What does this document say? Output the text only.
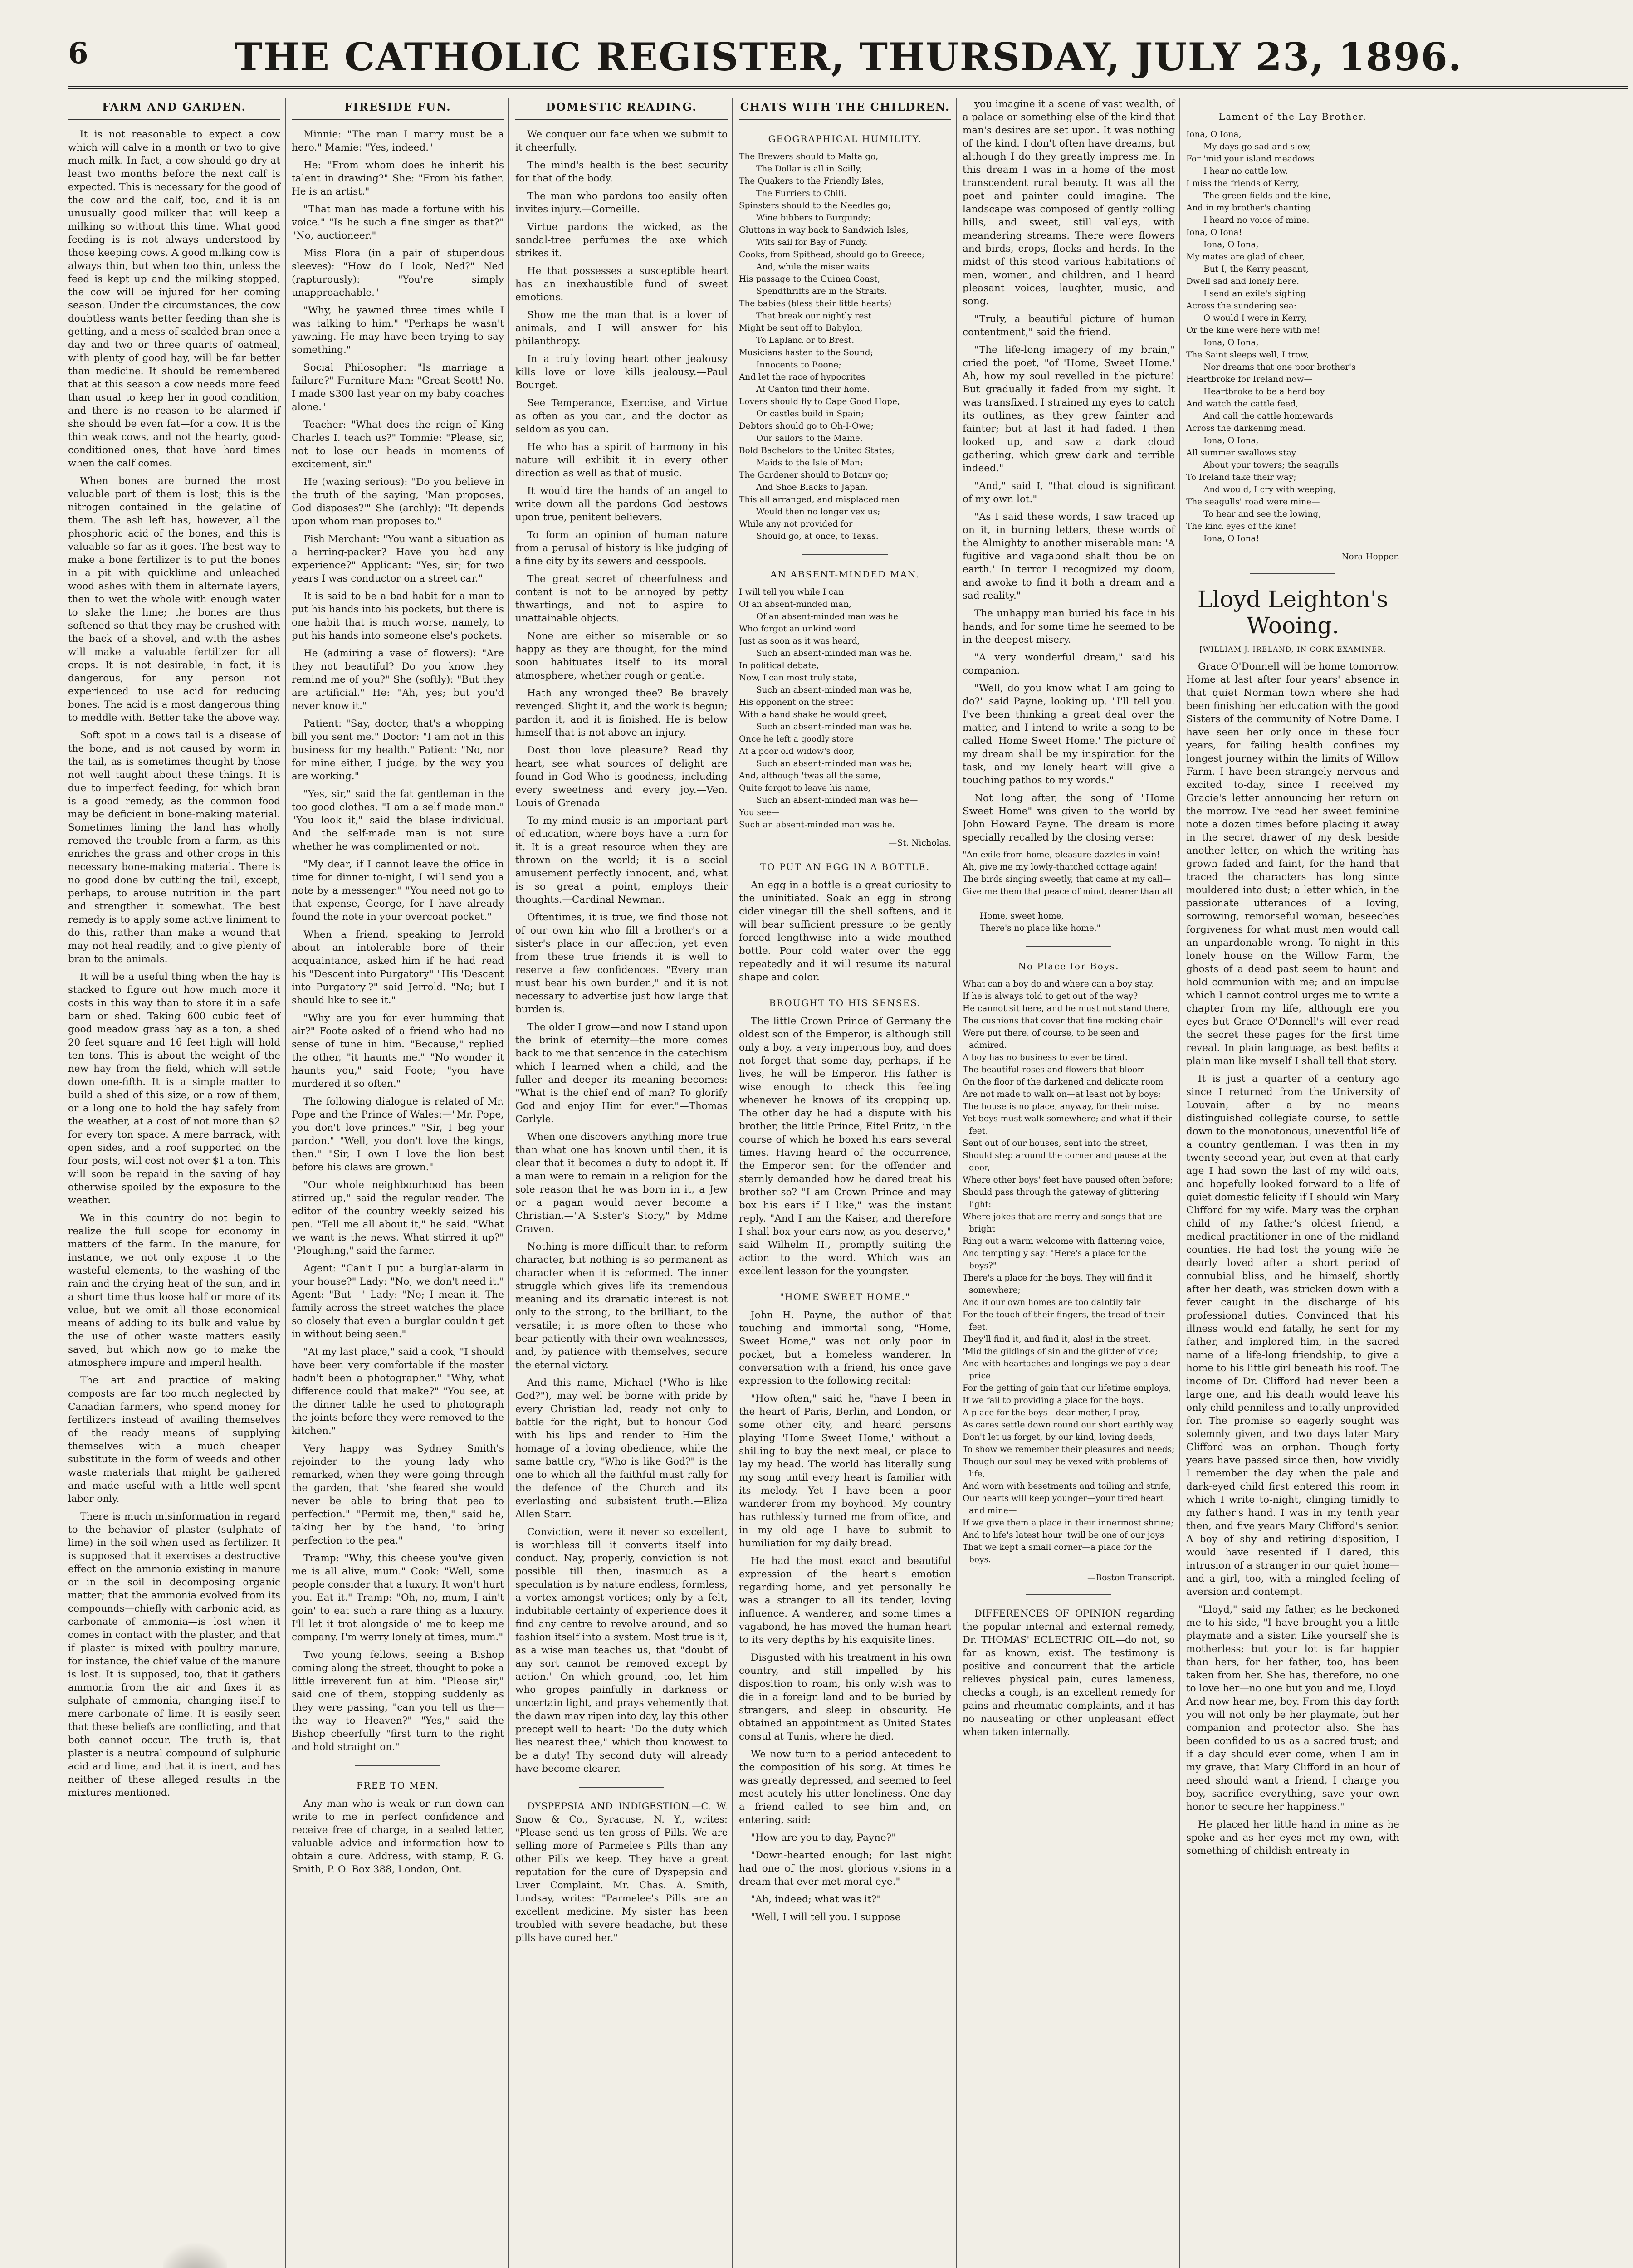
6	THE CATHOLIC REGISTER, THURSDAY, JULY 23, 1896.
FARM AND GARDEN.

It is not reasonable to expect a cow which will calve in a month or two to give much milk. In fact, a cow should go dry at least two months before the next calf is expected. This is necessary for the good of the cow and the calf, too, and it is an unusually good milker that will keep a milking so without this time. What good feeding is is not always understood by those keeping cows. A good milking cow is always thin, but when too thin, unless the feed is kept up and the milking stopped, the cow will be injured for her coming season. Under the circumstances, the cow doubtless wants better feeding than she is getting, and a mess of scalded bran once a day and two or three quarts of oatmeal, with plenty of good hay, will be far better than medicine. It should be remembered that at this season a cow needs more feed than usual to keep her in good condition, and there is no reason to be alarmed if she should be even fat—for a cow. It is the thin weak cows, and not the hearty, good-conditioned ones, that have hard times when the calf comes.

When bones are burned the most valuable part of them is lost; this is the nitrogen contained in the gelatine of them. The ash left has, however, all the phosphoric acid of the bones, and this is valuable so far as it goes. The best way to make a bone fertilizer is to put the bones in a pit with quicklime and unleached wood ashes with them in alternate layers, then to wet the whole with enough water to slake the lime; the bones are thus softened so that they may be crushed with the back of a shovel, and with the ashes will make a valuable fertilizer for all crops. It is not desirable, in fact, it is dangerous, for any person not experienced to use acid for reducing bones. The acid is a most dangerous thing to meddle with. Better take the above way.

Soft spot in a cows tail is a disease of the bone, and is not caused by worm in the tail, as is sometimes thought by those not well taught about these things. It is due to imperfect feeding, for which bran is a good remedy, as the common food may be deficient in bone-making material. Sometimes liming the land has wholly removed the trouble from a farm, as this enriches the grass and other crops in this necessary bone-making material. There is no good done by cutting the tail, except, perhaps, to arouse nutrition in the part and strengthen it somewhat. The best remedy is to apply some active liniment to do this, rather than make a wound that may not heal readily, and to give plenty of bran to the animals.

It will be a useful thing when the hay is stacked to figure out how much more it costs in this way than to store it in a safe barn or shed. Taking 600 cubic feet of good meadow grass hay as a ton, a shed 20 feet square and 16 feet high will hold ten tons. This is about the weight of the new hay from the field, which will settle down one-fifth. It is a simple matter to build a shed of this size, or a row of them, or a long one to hold the hay safely from the weather, at a cost of not more than $2 for every ton space. A mere barrack, with open sides, and a roof supported on the four posts, will cost not over $1 a ton. This will soon be repaid in the saving of hay otherwise spoiled by the exposure to the weather.

We in this country do not begin to realize the full scope for economy in matters of the farm. In the manure, for instance, we not only expose it to the wasteful elements, to the washing of the rain and the drying heat of the sun, and in a short time thus loose half or more of its value, but we omit all those economical means of adding to its bulk and value by the use of other waste matters easily saved, but which now go to make the atmosphere impure and imperil health.

The art and practice of making composts are far too much neglected by Canadian farmers, who spend money for fertilizers instead of availing themselves of the ready means of supplying themselves with a much cheaper substitute in the form of weeds and other waste materials that might be gathered and made useful with a little well-spent labor only.

There is much misinformation in regard to the behavior of plaster (sulphate of lime) in the soil when used as fertilizer. It is supposed that it exercises a destructive effect on the ammonia existing in manure or in the soil in decomposing organic matter; that the ammonia evolved from its compounds—chiefly with carbonic acid, as carbonate of ammonia—is lost when it comes in contact with the plaster, and that if plaster is mixed with poultry manure, for instance, the chief value of the manure is lost. It is supposed, too, that it gathers ammonia from the air and fixes it as sulphate of ammonia, changing itself to mere carbonate of lime. It is easily seen that these beliefs are conflicting, and that both cannot occur. The truth is, that plaster is a neutral compound of sulphuric acid and lime, and that it is inert, and has neither of these alleged results in the mixtures mentioned.

FIRESIDE FUN.

Minnie: "The man I marry must be a hero." Mamie: "Yes, indeed."

He: "From whom does he inherit his talent in drawing?" She: "From his father. He is an artist."

"That man has made a fortune with his voice." "Is he such a fine singer as that?" "No, auctioneer."

Miss Flora (in a pair of stupendous sleeves): "How do I look, Ned?" Ned (rapturously): "You're simply unapproachable."

"Why, he yawned three times while I was talking to him." "Perhaps he wasn't yawning. He may have been trying to say something."

Social Philosopher: "Is marriage a failure?" Furniture Man: "Great Scott! No. I made $300 last year on my baby coaches alone."

Teacher: "What does the reign of King Charles I. teach us?" Tommie: "Please, sir, not to lose our heads in moments of excitement, sir."

He (waxing serious): "Do you believe in the truth of the saying, 'Man proposes, God disposes?'" She (archly): "It depends upon whom man proposes to."

Fish Merchant: "You want a situation as a herring-packer? Have you had any experience?" Applicant: "Yes, sir; for two years I was conductor on a street car."

It is said to be a bad habit for a man to put his hands into his pockets, but there is one habit that is much worse, namely, to put his hands into someone else's pockets.

He (admiring a vase of flowers): "Are they not beautiful? Do you know they remind me of you?" She (softly): "But they are artificial." He: "Ah, yes; but you'd never know it."

Patient: "Say, doctor, that's a whopping bill you sent me." Doctor: "I am not in this business for my health." Patient: "No, nor for mine either, I judge, by the way you are working."

"Yes, sir," said the fat gentleman in the too good clothes, "I am a self made man." "You look it," said the blase individual. And the self-made man is not sure whether he was complimented or not.

"My dear, if I cannot leave the office in time for dinner to-night, I will send you a note by a messenger." "You need not go to that expense, George, for I have already found the note in your overcoat pocket."

When a friend, speaking to Jerrold about an intolerable bore of their acquaintance, asked him if he had read his "Descent into Purgatory" "His 'Descent into Purgatory'?" said Jerrold. "No; but I should like to see it."

"Why are you for ever humming that air?" Foote asked of a friend who had no sense of tune in him. "Because," replied the other, "it haunts me." "No wonder it haunts you," said Foote; "you have murdered it so often."

The following dialogue is related of Mr. Pope and the Prince of Wales:—"Mr. Pope, you don't love princes." "Sir, I beg your pardon." "Well, you don't love the kings, then." "Sir, I own I love the lion best before his claws are grown."

"Our whole neighbourhood has been stirred up," said the regular reader. The editor of the country weekly seized his pen. "Tell me all about it," he said. "What we want is the news. What stirred it up?" "Ploughing," said the farmer.

Agent: "Can't I put a burglar-alarm in your house?" Lady: "No; we don't need it." Agent: "But—" Lady: "No; I mean it. The family across the street watches the place so closely that even a burglar couldn't get in without being seen."

"At my last place," said a cook, "I should have been very comfortable if the master hadn't been a photographer." "Why, what difference could that make?" "You see, at the dinner table he used to photograph the joints before they were removed to the kitchen."

Very happy was Sydney Smith's rejoinder to the young lady who remarked, when they were going through the garden, that "she feared she would never be able to bring that pea to perfection." "Permit me, then," said he, taking her by the hand, "to bring perfection to the pea."

Tramp: "Why, this cheese you've given me is all alive, mum." Cook: "Well, some people consider that a luxury. It won't hurt you. Eat it." Tramp: "Oh, no, mum, I ain't goin' to eat such a rare thing as a luxury. I'll let it trot alongside o' me to keep me company. I'm werry lonely at times, mum."

Two young fellows, seeing a Bishop coming along the street, thought to poke a little irreverent fun at him. "Please sir," said one of them, stopping suddenly as they were passing, "can you tell us the—the way to Heaven?" "Yes," said the Bishop cheerfully "first turn to the right and hold straight on."

FREE TO MEN.

Any man who is weak or run down can write to me in perfect confidence and receive free of charge, in a sealed letter, valuable advice and information how to obtain a cure. Address, with stamp, F. G. Smith, P. O. Box 388, London, Ont.

DOMESTIC READING.

We conquer our fate when we submit to it cheerfully.

The mind's health is the best security for that of the body.

The man who pardons too easily often invites injury.—Corneille.

Virtue pardons the wicked, as the sandal-tree perfumes the axe which strikes it.

He that possesses a susceptible heart has an inexhaustible fund of sweet emotions.

Show me the man that is a lover of animals, and I will answer for his philanthropy.

In a truly loving heart other jealousy kills love or love kills jealousy.—Paul Bourget.

See Temperance, Exercise, and Virtue as often as you can, and the doctor as seldom as you can.

He who has a spirit of harmony in his nature will exhibit it in every other direction as well as that of music.

It would tire the hands of an angel to write down all the pardons God bestows upon true, penitent believers.

To form an opinion of human nature from a perusal of history is like judging of a fine city by its sewers and cesspools.

The great secret of cheerfulness and content is not to be annoyed by petty thwartings, and not to aspire to unattainable objects.

None are either so miserable or so happy as they are thought, for the mind soon habituates itself to its moral atmosphere, whether rough or gentle.

Hath any wronged thee? Be bravely revenged. Slight it, and the work is begun; pardon it, and it is finished. He is below himself that is not above an injury.

Dost thou love pleasure? Read thy heart, see what sources of delight are found in God Who is goodness, including every sweetness and every joy.—Ven. Louis of Grenada

To my mind music is an important part of education, where boys have a turn for it. It is a great resource when they are thrown on the world; it is a social amusement perfectly innocent, and, what is so great a point, employs their thoughts.—Cardinal Newman.

Oftentimes, it is true, we find those not of our own kin who fill a brother's or a sister's place in our affection, yet even from these true friends it is well to reserve a few confidences. "Every man must bear his own burden," and it is not necessary to advertise just how large that burden is.

The older I grow—and now I stand upon the brink of eternity—the more comes back to me that sentence in the catechism which I learned when a child, and the fuller and deeper its meaning becomes: "What is the chief end of man? To glorify God and enjoy Him for ever."—Thomas Carlyle.

When one discovers anything more true than what one has known until then, it is clear that it becomes a duty to adopt it. If a man were to remain in a religion for the sole reason that he was born in it, a Jew or a pagan would never become a Christian.—"A Sister's Story," by Mdme Craven.

Nothing is more difficult than to reform character, but nothing is so permanent as character when it is reformed. The inner struggle which gives life its tremendous meaning and its dramatic interest is not only to the strong, to the brilliant, to the versatile; it is more often to those who bear patiently with their own weaknesses, and, by patience with themselves, secure the eternal victory.

And this name, Michael ("Who is like God?"), may well be borne with pride by every Christian lad, ready not only to battle for the right, but to honour God with his lips and render to Him the homage of a loving obedience, while the same battle cry, "Who is like God?" is the one to which all the faithful must rally for the defence of the Church and its everlasting and subsistent truth.—Eliza Allen Starr.

Conviction, were it never so excellent, is worthless till it converts itself into conduct. Nay, properly, conviction is not possible till then, inasmuch as a speculation is by nature endless, formless, a vortex amongst vortices; only by a felt, indubitable certainty of experience does it find any centre to revolve around, and so fashion itself into a system. Most true is it, as a wise man teaches us, that "doubt of any sort cannot be removed except by action." On which ground, too, let him who gropes painfully in darkness or uncertain light, and prays vehemently that the dawn may ripen into day, lay this other precept well to heart: "Do the duty which lies nearest thee," which thou knowest to be a duty! Thy second duty will already have become clearer.

DYSPEPSIA AND INDIGESTION.—C. W. Snow & Co., Syracuse, N. Y., writes: "Please send us ten gross of Pills. We are selling more of Parmelee's Pills than any other Pills we keep. They have a great reputation for the cure of Dyspepsia and Liver Complaint. Mr. Chas. A. Smith, Lindsay, writes: "Parmelee's Pills are an excellent medicine. My sister has been troubled with severe headache, but these pills have cured her."

CHATS WITH THE CHILDREN.
GEOGRAPHICAL HUMILITY.
The Brewers should to Malta go,
The Dollar is all in Scilly,
The Quakers to the Friendly Isles,
The Furriers to Chili.
Spinsters should to the Needles go;
Wine bibbers to Burgundy;
Gluttons in way back to Sandwich Isles,
Wits sail for Bay of Fundy.
Cooks, from Spithead, should go to Greece;
And, while the miser waits
His passage to the Guinea Coast,
Spendthrifts are in the Straits.
The babies (bless their little hearts)
That break our nightly rest
Might be sent off to Babylon,
To Lapland or to Brest.
Musicians hasten to the Sound;
Innocents to Boone;
And let the race of hypocrites
At Canton find their home.
Lovers should fly to Cape Good Hope,
Or castles build in Spain;
Debtors should go to Oh-I-Owe;
Our sailors to the Maine.
Bold Bachelors to the United States;
Maids to the Isle of Man;
The Gardener should to Botany go;
And Shoe Blacks to Japan.
This all arranged, and misplaced men
Would then no longer vex us;
While any not provided for
Should go, at once, to Texas.
AN ABSENT-MINDED MAN.
I will tell you while I can
Of an absent-minded man,
Of an absent-minded man was he
Who forgot an unkind word
Just as soon as it was heard,
Such an absent-minded man was he.
In political debate,
Now, I can most truly state,
Such an absent-minded man was he,
His opponent on the street
With a hand shake he would greet,
Such an absent-minded man was he.
Once he left a goodly store
At a poor old widow's door,
Such an absent-minded man was he;
And, although 'twas all the same,
Quite forgot to leave his name,
Such an absent-minded man was he—
You see—
Such an absent-minded man was he.
—St. Nicholas.
TO PUT AN EGG IN A BOTTLE.

An egg in a bottle is a great curiosity to the uninitiated. Soak an egg in strong cider vinegar till the shell softens, and it will bear sufficient pressure to be gently forced lengthwise into a wide mouthed bottle. Pour cold water over the egg repeatedly and it will resume its natural shape and color.

BROUGHT TO HIS SENSES.

The little Crown Prince of Germany the oldest son of the Emperor, is although still only a boy, a very imperious boy, and does not forget that some day, perhaps, if he lives, he will be Emperor. His father is wise enough to check this feeling whenever he knows of its cropping up. The other day he had a dispute with his brother, the little Prince, Eitel Fritz, in the course of which he boxed his ears several times. Having heard of the occurrence, the Emperor sent for the offender and sternly demanded how he dared treat his brother so? "I am Crown Prince and may box his ears if I like," was the instant reply. "And I am the Kaiser, and therefore I shall box your ears now, as you deserve," said Wilhelm II., promptly suiting the action to the word. Which was an excellent lesson for the youngster.

"HOME SWEET HOME."

John H. Payne, the author of that touching and immortal song, "Home, Sweet Home," was not only poor in pocket, but a homeless wanderer. In conversation with a friend, his once gave expression to the following recital:

"How often," said he, "have I been in the heart of Paris, Berlin, and London, or some other city, and heard persons playing 'Home Sweet Home,' without a shilling to buy the next meal, or place to lay my head. The world has literally sung my song until every heart is familiar with its melody. Yet I have been a poor wanderer from my boyhood. My country has ruthlessly turned me from office, and in my old age I have to submit to humiliation for my daily bread.

He had the most exact and beautiful expression of the heart's emotion regarding home, and yet personally he was a stranger to all its tender, loving influence. A wanderer, and some times a vagabond, he has moved the human heart to its very depths by his exquisite lines.

Disgusted with his treatment in his own country, and still impelled by his disposition to roam, his only wish was to die in a foreign land and to be buried by strangers, and sleep in obscurity. He obtained an appointment as United States consul at Tunis, where he died.

We now turn to a period antecedent to the composition of his song. At times he was greatly depressed, and seemed to feel most acutely his utter loneliness. One day a friend called to see him and, on entering, said:

"How are you to-day, Payne?"

"Down-hearted enough; for last night had one of the most glorious visions in a dream that ever met moral eye."

"Ah, indeed; what was it?"

"Well, I will tell you. I suppose

you imagine it a scene of vast wealth, of a palace or something else of the kind that man's desires are set upon. It was nothing of the kind. I don't often have dreams, but although I do they greatly impress me. In this dream I was in a home of the most transcendent rural beauty. It was all the poet and painter could imagine. The landscape was composed of gently rolling hills, and sweet, still valleys, with meandering streams. There were flowers and birds, crops, flocks and herds. In the midst of this stood various habitations of men, women, and children, and I heard pleasant voices, laughter, music, and song.

"Truly, a beautiful picture of human contentment," said the friend.

"The life-long imagery of my brain," cried the poet, "of 'Home, Sweet Home.' Ah, how my soul revelled in the picture! But gradually it faded from my sight. It was transfixed. I strained my eyes to catch its outlines, as they grew fainter and fainter; but at last it had faded. I then looked up, and saw a dark cloud gathering, which grew dark and terrible indeed."

"And," said I, "that cloud is significant of my own lot."

"As I said these words, I saw traced up on it, in burning letters, these words of the Almighty to another miserable man: 'A fugitive and vagabond shalt thou be on earth.' In terror I recognized my doom, and awoke to find it both a dream and a sad reality."

The unhappy man buried his face in his hands, and for some time he seemed to be in the deepest misery.

"A very wonderful dream," said his companion.

"Well, do you know what I am going to do?" said Payne, looking up. "I'll tell you. I've been thinking a great deal over the matter, and I intend to write a song to be called 'Home Sweet Home.' The picture of my dream shall be my inspiration for the task, and my lonely heart will give a touching pathos to my words."

Not long after, the song of "Home Sweet Home" was given to the world by John Howard Payne. The dream is more specially recalled by the closing verse:

"An exile from home, pleasure dazzles in vain!
Ah, give me my lowly-thatched cottage again!
The birds singing sweetly, that came at my call—
Give me them that peace of mind, dearer than all—
Home, sweet home,
There's no place like home."
No Place for Boys.
What can a boy do and where can a boy stay,
If he is always told to get out of the way?
He cannot sit here, and he must not stand there,
The cushions that cover that fine rocking chair
Were put there, of course, to be seen and admired.
A boy has no business to ever be tired.
The beautiful roses and flowers that bloom
On the floor of the darkened and delicate room
Are not made to walk on—at least not by boys;
The house is no place, anyway, for their noise.
Yet boys must walk somewhere; and what if their feet,
Sent out of our houses, sent into the street,
Should step around the corner and pause at the door,
Where other boys' feet have paused often before;
Should pass through the gateway of glittering light:
Where jokes that are merry and songs that are bright
Ring out a warm welcome with flattering voice,
And temptingly say: "Here's a place for the boys?"
There's a place for the boys. They will find it somewhere;
And if our own homes are too daintily fair
For the touch of their fingers, the tread of their feet,
They'll find it, and find it, alas! in the street,
'Mid the gildings of sin and the glitter of vice;
And with heartaches and longings we pay a dear price
For the getting of gain that our lifetime employs,
If we fail to providing a place for the boys.
A place for the boys—dear mother, I pray,
As cares settle down round our short earthly way,
Don't let us forget, by our kind, loving deeds,
To show we remember their pleasures and needs;
Though our soul may be vexed with problems of life,
And worn with besetments and toiling and strife,
Our hearts will keep younger—your tired heart and mine—
If we give them a place in their innermost shrine;
And to life's latest hour 'twill be one of our joys
That we kept a small corner—a place for the boys.
—Boston Transcript.

DIFFERENCES OF OPINION regarding the popular internal and external remedy, Dr. THOMAS' ECLECTRIC OIL—do not, so far as known, exist. The testimony is positive and concurrent that the article relieves physical pain, cures lameness, checks a cough, is an excellent remedy for pains and rheumatic complaints, and it has no nauseating or other unpleasant effect when taken internally.

Lament of the Lay Brother.
Iona, O Iona,
My days go sad and slow,
For 'mid your island meadows
I hear no cattle low.
I miss the friends of Kerry,
The green fields and the kine,
And in my brother's chanting
I heard no voice of mine.
Iona, O Iona!
Iona, O Iona,
My mates are glad of cheer,
But I, the Kerry peasant,
Dwell sad and lonely here.
I send an exile's sighing
Across the sundering sea:
O would I were in Kerry,
Or the kine were here with me!
Iona, O Iona,
The Saint sleeps well, I trow,
Nor dreams that one poor brother's
Heartbroke for Ireland now—
Heartbroke to be a herd boy
And watch the cattle feed,
And call the cattle homewards
Across the darkening mead.
Iona, O Iona,
All summer swallows stay
About your towers; the seagulls
To Ireland take their way;
And would, I cry with weeping,
The seagulls' road were mine—
To hear and see the lowing,
The kind eyes of the kine!
Iona, O Iona!
—Nora Hopper.
Lloyd Leighton's Wooing.
[WILLIAM J. IRELAND, IN CORK EXAMINER.

Grace O'Donnell will be home tomorrow. Home at last after four years' absence in that quiet Norman town where she had been finishing her education with the good Sisters of the community of Notre Dame. I have seen her only once in these four years, for failing health confines my longest journey within the limits of Willow Farm. I have been strangely nervous and excited to-day, since I received my Gracie's letter announcing her return on the morrow. I've read her sweet feminine note a dozen times before placing it away in the secret drawer of my desk beside another letter, on which the writing has grown faded and faint, for the hand that traced the characters has long since mouldered into dust; a letter which, in the passionate utterances of a loving, sorrowing, remorseful woman, beseeches forgiveness for what must men would call an unpardonable wrong. To-night in this lonely house on the Willow Farm, the ghosts of a dead past seem to haunt and hold communion with me; and an impulse which I cannot control urges me to write a chapter from my life, although ere you eyes but Grace O'Donnell's will ever read the secret these pages for the first time reveal. In plain language, as best befits a plain man like myself I shall tell that story.

It is just a quarter of a century ago since I returned from the University of Louvain, after a by no means distinguished collegiate course, to settle down to the monotonous, uneventful life of a country gentleman. I was then in my twenty-second year, but even at that early age I had sown the last of my wild oats, and hopefully looked forward to a life of quiet domestic felicity if I should win Mary Clifford for my wife. Mary was the orphan child of my father's oldest friend, a medical practitioner in one of the midland counties. He had lost the young wife he dearly loved after a short period of connubial bliss, and he himself, shortly after her death, was stricken down with a fever caught in the discharge of his professional duties. Convinced that his illness would end fatally, he sent for my father, and implored him, in the sacred name of a life-long friendship, to give a home to his little girl beneath his roof. The income of Dr. Clifford had never been a large one, and his death would leave his only child penniless and totally unprovided for. The promise so eagerly sought was solemnly given, and two days later Mary Clifford was an orphan. Though forty years have passed since then, how vividly I remember the day when the pale and dark-eyed child first entered this room in which I write to-night, clinging timidly to my father's hand. I was in my tenth year then, and five years Mary Clifford's senior. A boy of shy and retiring disposition, I would have resented if I dared, this intrusion of a stranger in our quiet home—and a girl, too, with a mingled feeling of aversion and contempt.

"Lloyd," said my father, as he beckoned me to his side, "I have brought you a little playmate and a sister. Like yourself she is motherless; but your lot is far happier than hers, for her father, too, has been taken from her. She has, therefore, no one to love her—no one but you and me, Lloyd. And now hear me, boy. From this day forth you will not only be her playmate, but her companion and protector also. She has been confided to us as a sacred trust; and if a day should ever come, when I am in my grave, that Mary Clifford in an hour of need should want a friend, I charge you boy, sacrifice everything, save your own honor to secure her happiness."

He placed her little hand in mine as he spoke and as her eyes met my own, with something of childish entreaty in
